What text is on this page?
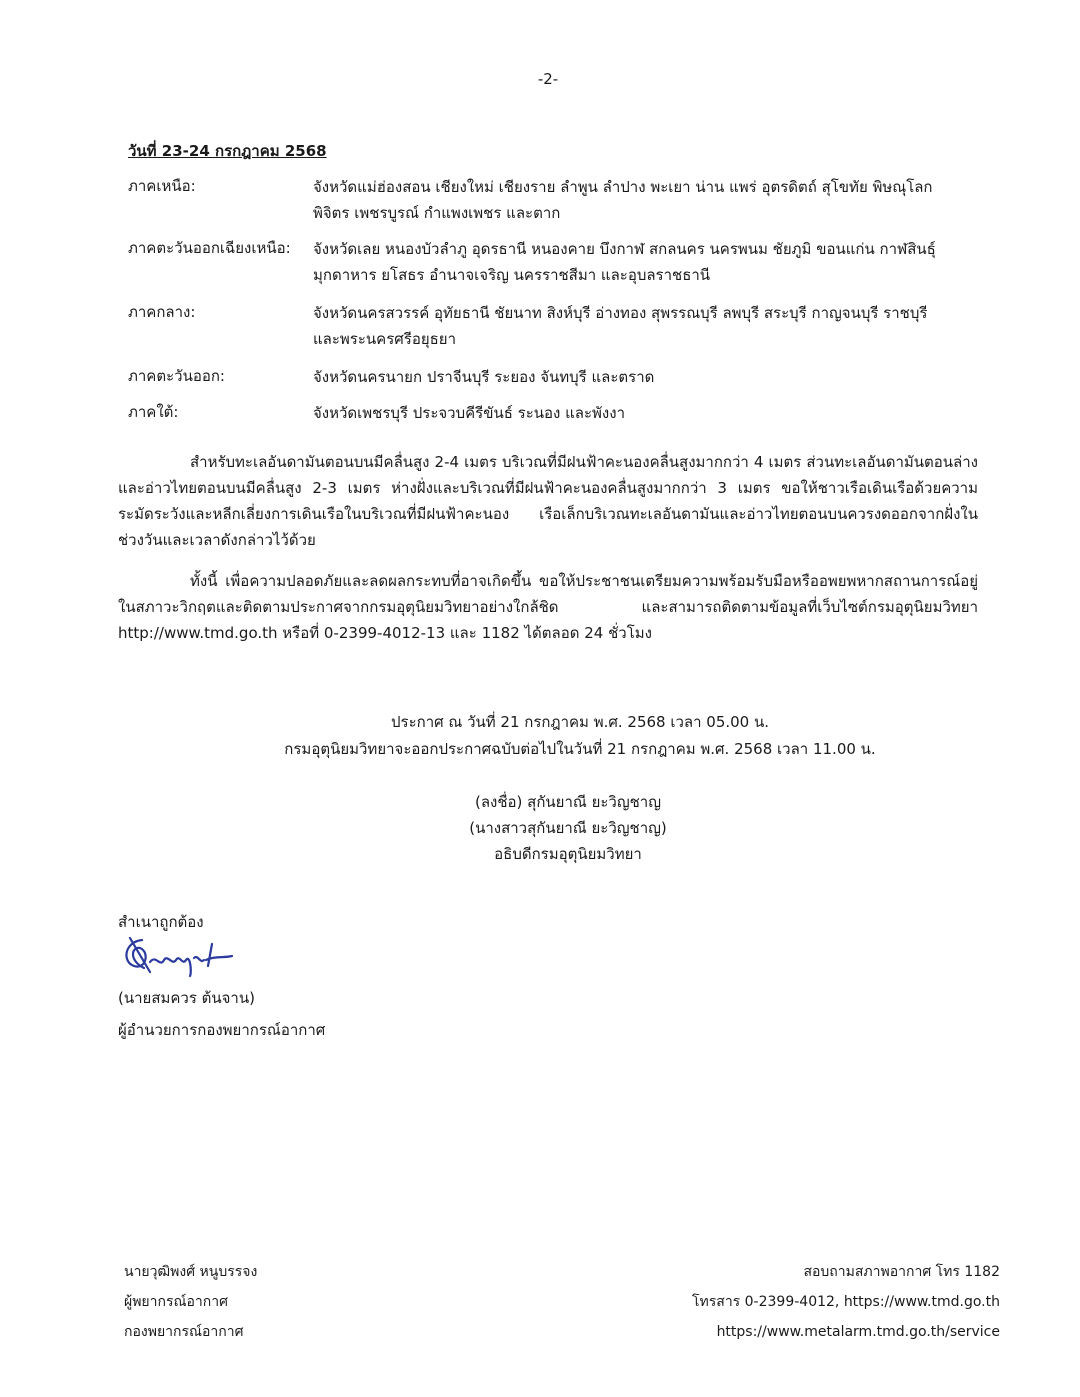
-2-
วันที่ 23-24 กรกฎาคม 2568
ภาคเหนือ:	จังหวัดแม่ฮ่องสอน เชียงใหม่ เชียงราย ลำพูน ลำปาง พะเยา น่าน แพร่ อุตรดิตถ์ สุโขทัย พิษณุโลก
พิจิตร เพชรบูรณ์ กำแพงเพชร และตาก
ภาคตะวันออกเฉียงเหนือ: จังหวัดเลย หนองบัวลำภู อุดรธานี หนองคาย บึงกาฬ สกลนคร นครพนม ชัยภูมิ ขอนแก่น กาฬสินธุ์
มุกดาหาร ยโสธร อำนาจเจริญ นครราชสีมา และอุบลราชธานี
ภาคกลาง:	จังหวัดนครสวรรค์ อุทัยธานี ชัยนาท สิงห์บุรี อ่างทอง สุพรรณบุรี ลพบุรี สระบุรี กาญจนบุรี ราชบุรี
และพระนครศรีอยุธยา
ภาคตะวันออก:	จังหวัดนครนายก ปราจีนบุรี ระยอง จันทบุรี และตราด
ภาคใต้:	จังหวัดเพชรบุรี ประจวบคีรีขันธ์ ระนอง และพังงา
สำหรับทะเลอันดามันตอนบนมีคลื่นสูง 2-4 เมตร บริเวณที่มีฝนฟ้าคะนองคลื่นสูงมากกว่า 4 เมตร ส่วนทะเลอันดามันตอนล่างและอ่าวไทยตอนบนมีคลื่นสูง 2-3 เมตร ห่างฝั่งและบริเวณที่มีฝนฟ้าคะนองคลื่นสูงมากกว่า 3 เมตร ขอให้ชาวเรือเดินเรือด้วยความระมัดระวังและหลีกเลี่ยงการเดินเรือในบริเวณที่มีฝนฟ้าคะนอง เรือเล็กบริเวณทะเลอันดามันและอ่าวไทยตอนบนควรงดออกจากฝั่งในช่วงวันและเวลาดังกล่าวไว้ด้วย
ทั้งนี้ เพื่อความปลอดภัยและลดผลกระทบที่อาจเกิดขึ้น ขอให้ประชาชนเตรียมความพร้อมรับมือหรืออพยพหากสถานการณ์อยู่ในสภาวะวิกฤตและติดตามประกาศจากกรมอุตุนิยมวิทยาอย่างใกล้ชิด และสามารถติดตามข้อมูลที่เว็บไซต์กรมอุตุนิยมวิทยา http://www.tmd.go.th หรือที่ 0-2399-4012-13 และ 1182 ได้ตลอด 24 ชั่วโมง
ประกาศ ณ วันที่ 21 กรกฎาคม พ.ศ. 2568 เวลา 05.00 น.
กรมอุตุนิยมวิทยาจะออกประกาศฉบับต่อไปในวันที่ 21 กรกฎาคม พ.ศ. 2568 เวลา 11.00 น.
(ลงชื่อ) สุกันยาณี ยะวิญชาญ
(นางสาวสุกันยาณี ยะวิญชาญ)
อธิบดีกรมอุตุนิยมวิทยา
สำเนาถูกต้อง
(นายสมควร ต้นจาน)
ผู้อำนวยการกองพยากรณ์อากาศ
นายวุฒิพงศ์ หนูบรรจง
ผู้พยากรณ์อากาศ
กองพยากรณ์อากาศ
สอบถามสภาพอากาศ โทร 1182
โทรสาร 0-2399-4012, https://www.tmd.go.th
https://www.metalarm.tmd.go.th/service
